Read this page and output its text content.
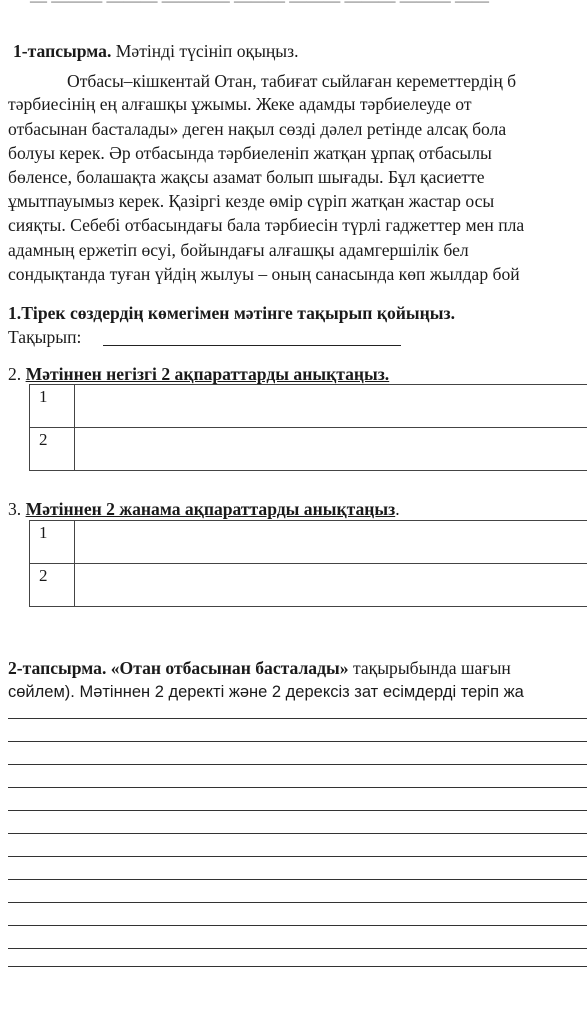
— ——— ——— ———— ——— ——— ——— ——— ——
1-тапсырма. Мәтінді түсініп оқыңыз.
Отбасы–кішкентай Отан, табиғат сыйлаған кереметтердің б
тәрбиесінің ең алғашқы ұжымы. Жеке адамды тәрбиелеуде от
отбасынан басталады» деген нақыл сөзді дәлел ретінде алсақ бола
болуы керек. Әр отбасында тәрбиеленіп жатқан ұрпақ отбасылы
бөленсе, болашақта жақсы азамат болып шығады. Бұл қасиетте
ұмытпауымыз керек. Қазіргі кезде өмір сүріп жатқан жастар осы
сияқты. Себебі отбасындағы бала тәрбиесін түрлі гаджеттер мен пла
адамның ержетіп өсуі, бойындағы алғашқы адамгершілік бел
сондықтанда туған үйдің жылуы – оның санасында көп жылдар бой
1.Тірек сөздердің көмегімен мәтінге тақырып қойыңыз.
Тақырып:
2. Мәтіннен негізгі 2 ақпараттарды анықтаңыз.
1	
2	
3. Мәтіннен 2 жанама ақпараттарды анықтаңыз.
1	
2	
2-тапсырма. «Отан отбасынан басталады» тақырыбында шағын
сөйлем). Мәтіннен 2 деректі және 2 дерексіз зат есімдерді теріп жа
